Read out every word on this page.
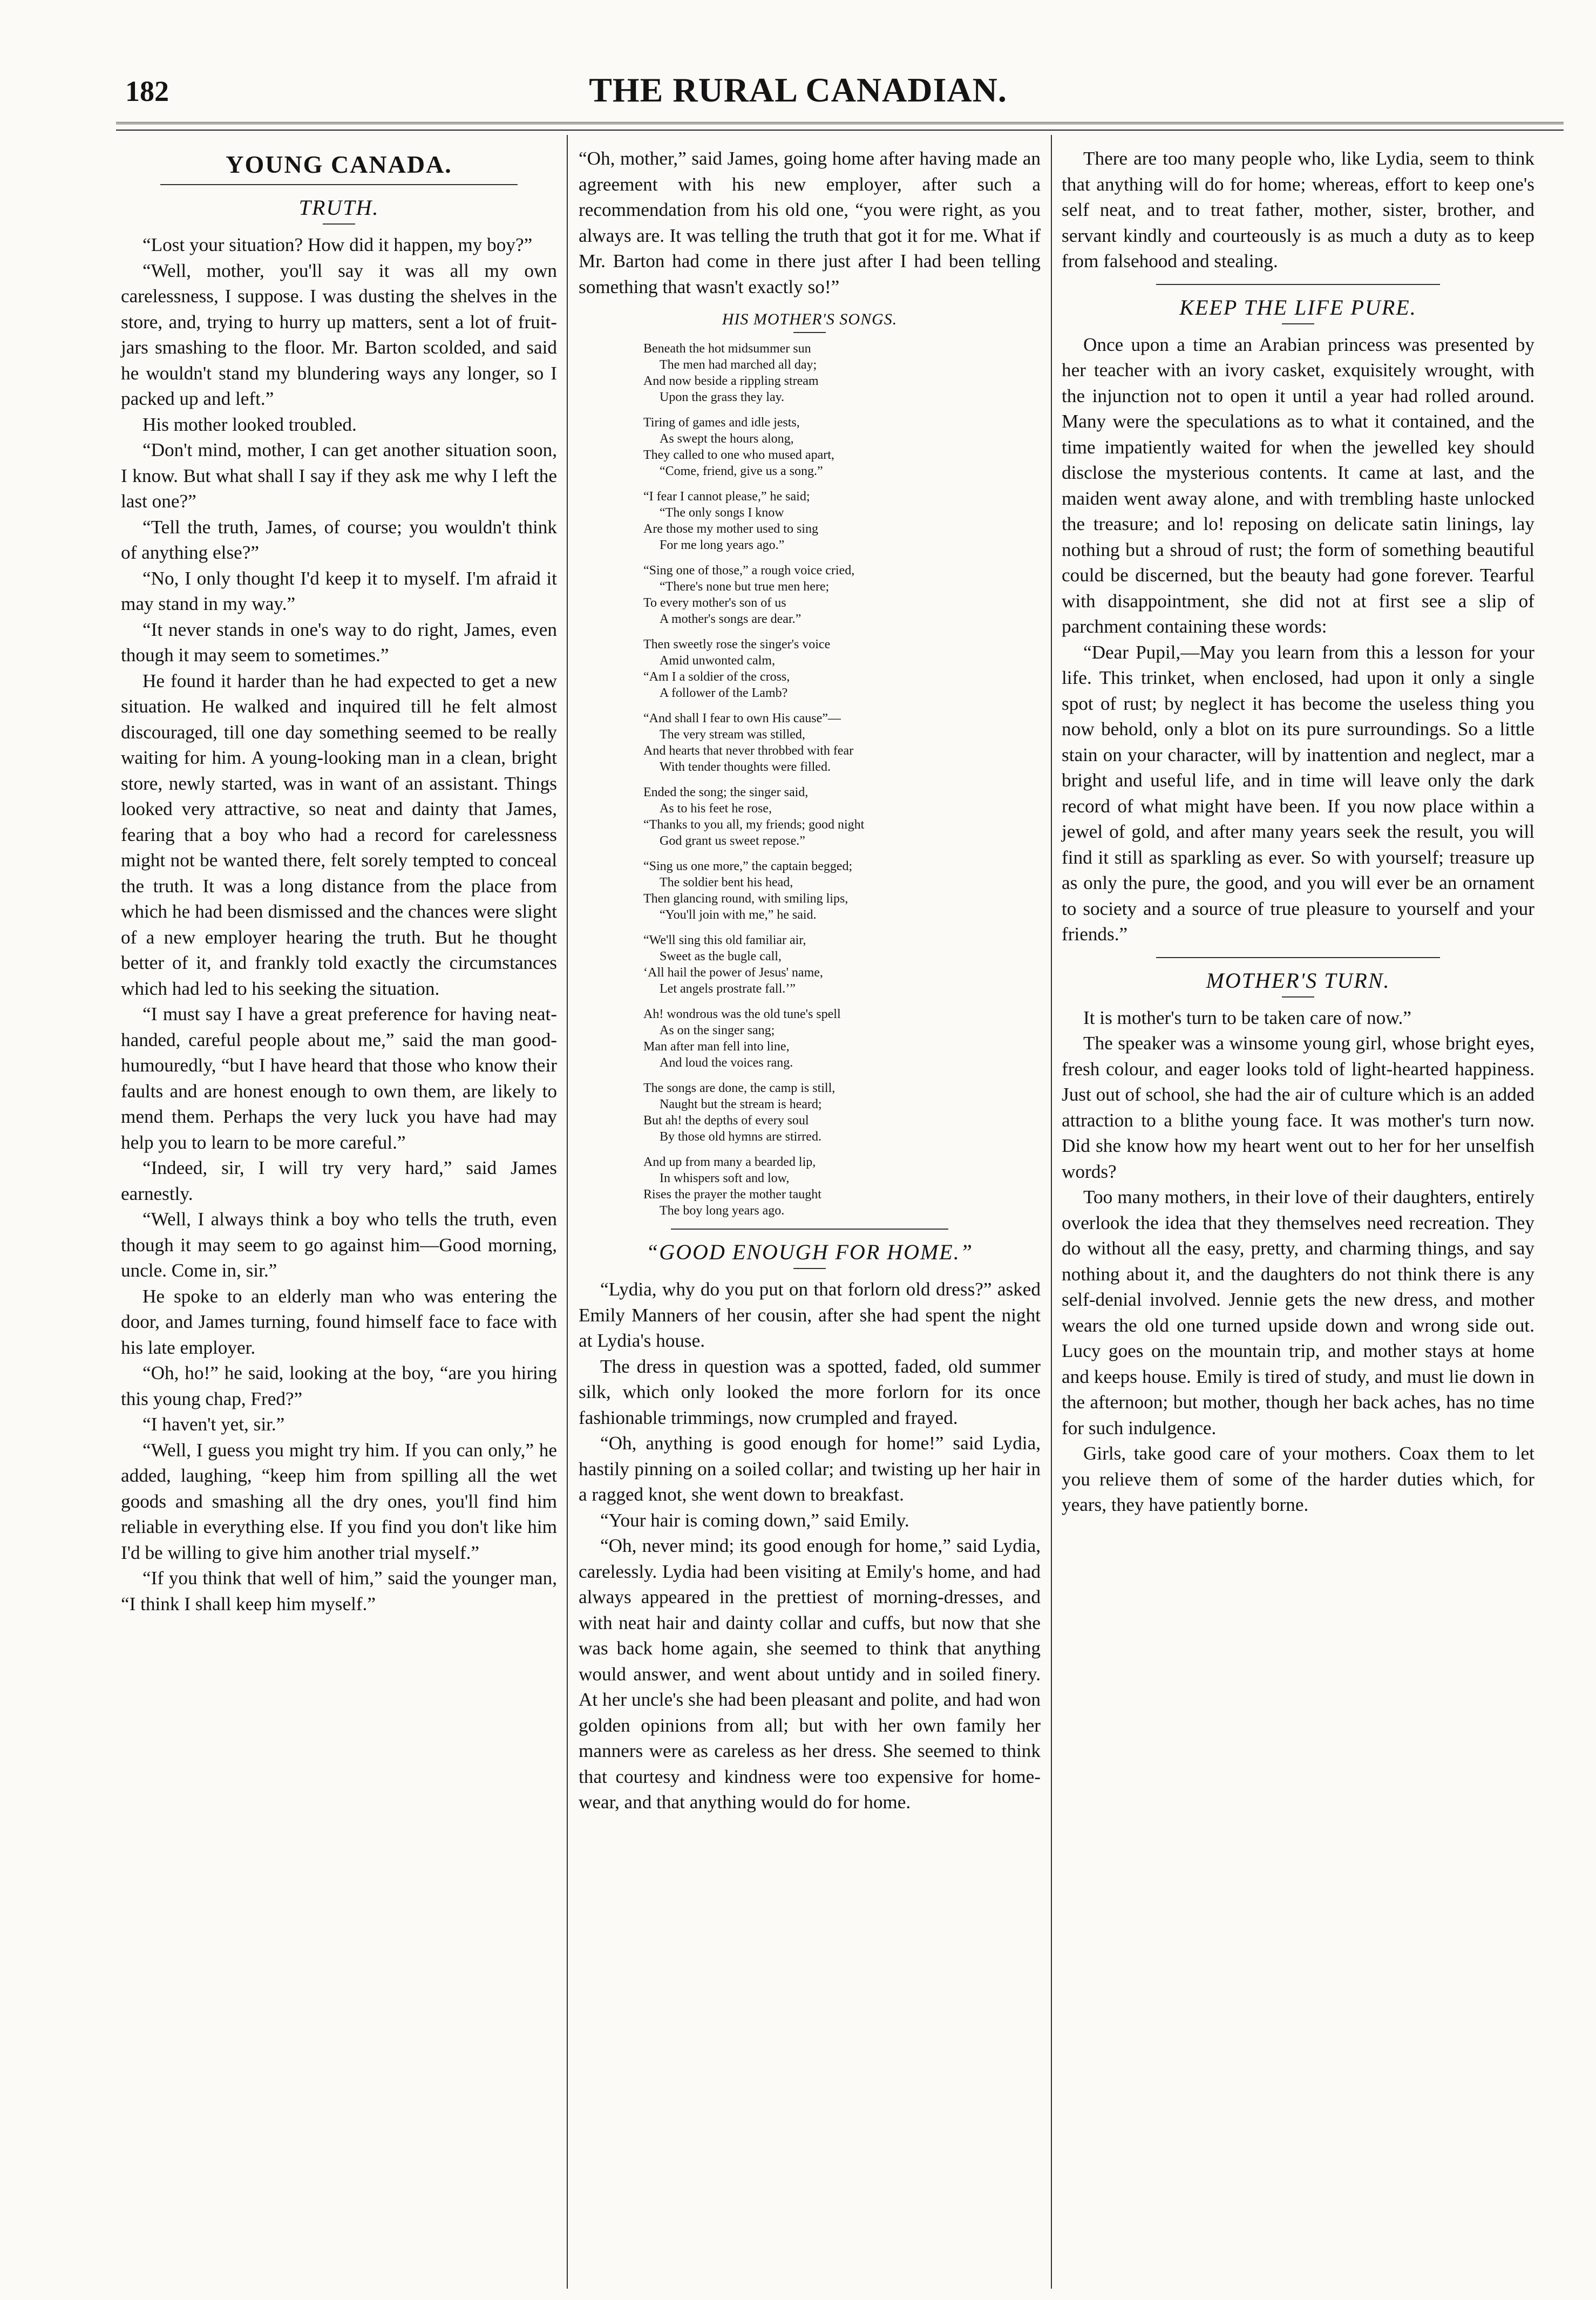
182	THE RURAL CANADIAN.
YOUNG CANADA.
TRUTH.

“Lost your situation? How did it happen, my boy?”

“Well, mother, you'll say it was all my own carelessness, I suppose. I was dusting the shelves in the store, and, trying to hurry up matters, sent a lot of fruit-jars smashing to the floor. Mr. Barton scolded, and said he wouldn't stand my blundering ways any longer, so I packed up and left.”

His mother looked troubled.

“Don't mind, mother, I can get another situation soon, I know. But what shall I say if they ask me why I left the last one?”

“Tell the truth, James, of course; you wouldn't think of anything else?”

“No, I only thought I'd keep it to myself. I'm afraid it may stand in my way.”

“It never stands in one's way to do right, James, even though it may seem to sometimes.”

He found it harder than he had expected to get a new situation. He walked and inquired till he felt almost discouraged, till one day something seemed to be really waiting for him. A young-looking man in a clean, bright store, newly started, was in want of an assistant. Things looked very attractive, so neat and dainty that James, fearing that a boy who had a record for carelessness might not be wanted there, felt sorely tempted to conceal the truth. It was a long distance from the place from which he had been dismissed and the chances were slight of a new employer hearing the truth. But he thought better of it, and frankly told exactly the circumstances which had led to his seeking the situation.

“I must say I have a great preference for having neat-handed, careful people about me,” said the man good-humouredly, “but I have heard that those who know their faults and are honest enough to own them, are likely to mend them. Perhaps the very luck you have had may help you to learn to be more careful.”

“Indeed, sir, I will try very hard,” said James earnestly.

“Well, I always think a boy who tells the truth, even though it may seem to go against him—Good morning, uncle. Come in, sir.”

He spoke to an elderly man who was entering the door, and James turning, found himself face to face with his late employer.

“Oh, ho!” he said, looking at the boy, “are you hiring this young chap, Fred?”

“I haven't yet, sir.”

“Well, I guess you might try him. If you can only,” he added, laughing, “keep him from spilling all the wet goods and smashing all the dry ones, you'll find him reliable in everything else. If you find you don't like him I'd be willing to give him another trial myself.”

“If you think that well of him,” said the younger man, “I think I shall keep him myself.”

“Oh, mother,” said James, going home after having made an agreement with his new employer, after such a recommendation from his old one, “you were right, as you always are. It was telling the truth that got it for me. What if Mr. Barton had come in there just after I had been telling something that wasn't exactly so!”

HIS MOTHER'S SONGS.
Beneath the hot midsummer sun
The men had marched all day;
And now beside a rippling stream
Upon the grass they lay.
Tiring of games and idle jests,
As swept the hours along,
They called to one who mused apart,
“Come, friend, give us a song.”
“I fear I cannot please,” he said;
“The only songs I know
Are those my mother used to sing
For me long years ago.”
“Sing one of those,” a rough voice cried,
“There's none but true men here;
To every mother's son of us
A mother's songs are dear.”
Then sweetly rose the singer's voice
Amid unwonted calm,
“Am I a soldier of the cross,
A follower of the Lamb?
“And shall I fear to own His cause”—
The very stream was stilled,
And hearts that never throbbed with fear
With tender thoughts were filled.
Ended the song; the singer said,
As to his feet he rose,
“Thanks to you all, my friends; good night
God grant us sweet repose.”
“Sing us one more,” the captain begged;
The soldier bent his head,
Then glancing round, with smiling lips,
“You'll join with me,” he said.
“We'll sing this old familiar air,
Sweet as the bugle call,
‘All hail the power of Jesus' name,
Let angels prostrate fall.’”
Ah! wondrous was the old tune's spell
As on the singer sang;
Man after man fell into line,
And loud the voices rang.
The songs are done, the camp is still,
Naught but the stream is heard;
But ah! the depths of every soul
By those old hymns are stirred.
And up from many a bearded lip,
In whispers soft and low,
Rises the prayer the mother taught
The boy long years ago.
“GOOD ENOUGH FOR HOME.”

“Lydia, why do you put on that forlorn old dress?” asked Emily Manners of her cousin, after she had spent the night at Lydia's house.

The dress in question was a spotted, faded, old summer silk, which only looked the more forlorn for its once fashionable trimmings, now crumpled and frayed.

“Oh, anything is good enough for home!” said Lydia, hastily pinning on a soiled collar; and twisting up her hair in a ragged knot, she went down to breakfast.

“Your hair is coming down,” said Emily.

“Oh, never mind; its good enough for home,” said Lydia, carelessly. Lydia had been visiting at Emily's home, and had always appeared in the prettiest of morning-dresses, and with neat hair and dainty collar and cuffs, but now that she was back home again, she seemed to think that anything would answer, and went about untidy and in soiled finery. At her uncle's she had been pleasant and polite, and had won golden opinions from all; but with her own family her manners were as careless as her dress. She seemed to think that courtesy and kindness were too expensive for home-wear, and that anything would do for home.

There are too many people who, like Lydia, seem to think that anything will do for home; whereas, effort to keep one's self neat, and to treat father, mother, sister, brother, and servant kindly and courteously is as much a duty as to keep from falsehood and stealing.

KEEP THE LIFE PURE.

Once upon a time an Arabian princess was presented by her teacher with an ivory casket, exquisitely wrought, with the injunction not to open it until a year had rolled around. Many were the speculations as to what it contained, and the time impatiently waited for when the jewelled key should disclose the mysterious contents. It came at last, and the maiden went away alone, and with trembling haste unlocked the treasure; and lo! reposing on delicate satin linings, lay nothing but a shroud of rust; the form of something beautiful could be discerned, but the beauty had gone forever. Tearful with disappointment, she did not at first see a slip of parchment containing these words:

“Dear Pupil,—May you learn from this a lesson for your life. This trinket, when enclosed, had upon it only a single spot of rust; by neglect it has become the useless thing you now behold, only a blot on its pure surroundings. So a little stain on your character, will by inattention and neglect, mar a bright and useful life, and in time will leave only the dark record of what might have been. If you now place within a jewel of gold, and after many years seek the result, you will find it still as sparkling as ever. So with yourself; treasure up as only the pure, the good, and you will ever be an ornament to society and a source of true pleasure to yourself and your friends.”

MOTHER'S TURN.

It is mother's turn to be taken care of now.”

The speaker was a winsome young girl, whose bright eyes, fresh colour, and eager looks told of light-hearted happiness. Just out of school, she had the air of culture which is an added attraction to a blithe young face. It was mother's turn now. Did she know how my heart went out to her for her unselfish words?

Too many mothers, in their love of their daughters, entirely overlook the idea that they themselves need recreation. They do without all the easy, pretty, and charming things, and say nothing about it, and the daughters do not think there is any self-denial involved. Jennie gets the new dress, and mother wears the old one turned upside down and wrong side out. Lucy goes on the mountain trip, and mother stays at home and keeps house. Emily is tired of study, and must lie down in the afternoon; but mother, though her back aches, has no time for such indulgence.

Girls, take good care of your mothers. Coax them to let you relieve them of some of the harder duties which, for years, they have patiently borne.
